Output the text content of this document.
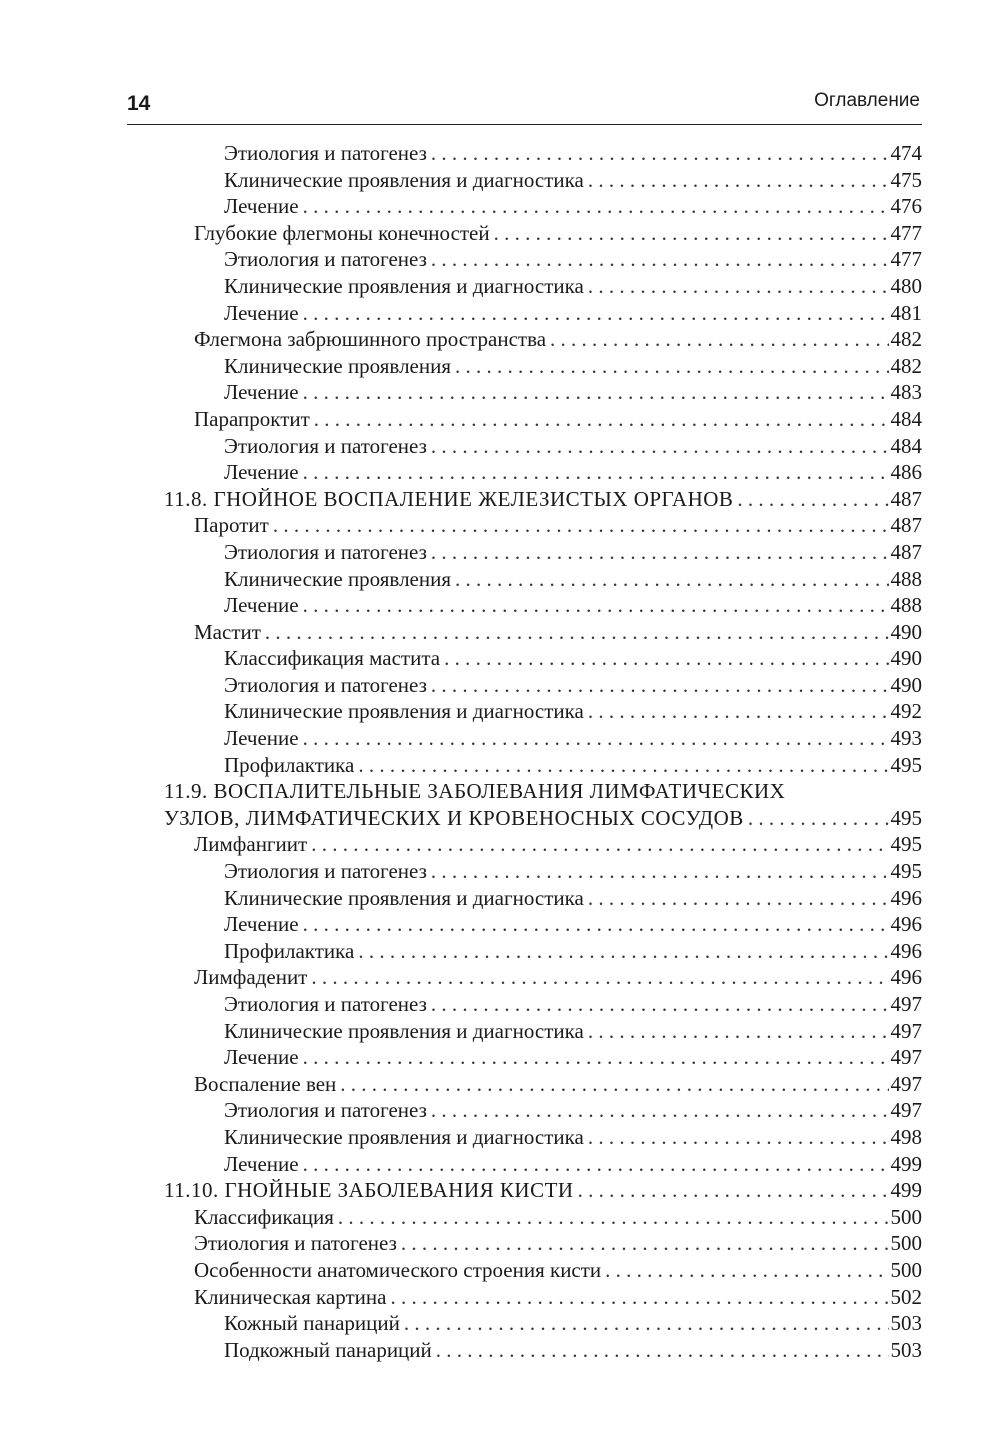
14	Оглавление
Этиология и патогенез . . .	474
Клинические проявления и диагностика . . .	475
Лечение . . .	476
Глубокие флегмоны конечностей . . .	477
Этиология и патогенез . . .	477
Клинические проявления и диагностика . . .	480
Лечение . . .	481
Флегмона забрюшинного пространства . . .	482
Клинические проявления . . .	482
Лечение . . .	483
Парапроктит . . .	484
Этиология и патогенез . . .	484
Лечение . . .	486
11.8. ГНОЙНОЕ ВОСПАЛЕНИЕ ЖЕЛЕЗИСТЫХ ОРГАНОВ . . .	487
Паротит . . .	487
Этиология и патогенез . . .	487
Клинические проявления . . .	488
Лечение . . .	488
Мастит . . .	490
Классификация мастита . . .	490
Этиология и патогенез . . .	490
Клинические проявления и диагностика . . .	492
Лечение . . .	493
Профилактика . . .	495
11.9. ВОСПАЛИТЕЛЬНЫЕ ЗАБОЛЕВАНИЯ ЛИМФАТИЧЕСКИХ
УЗЛОВ, ЛИМФАТИЧЕСКИХ И КРОВЕНОСНЫХ СОСУДОВ . . .	495
Лимфангиит . . .	495
Этиология и патогенез . . .	495
Клинические проявления и диагностика . . .	496
Лечение . . .	496
Профилактика . . .	496
Лимфаденит . . .	496
Этиология и патогенез . . .	497
Клинические проявления и диагностика . . .	497
Лечение . . .	497
Воспаление вен . . .	497
Этиология и патогенез . . .	497
Клинические проявления и диагностика . . .	498
Лечение . . .	499
11.10. ГНОЙНЫЕ ЗАБОЛЕВАНИЯ КИСТИ . . .	499
Классификация . . .	500
Этиология и патогенез . . .	500
Особенности анатомического строения кисти . . .	500
Клиническая картина . . .	502
Кожный панариций . . .	503
Подкожный панариций . . .	503
